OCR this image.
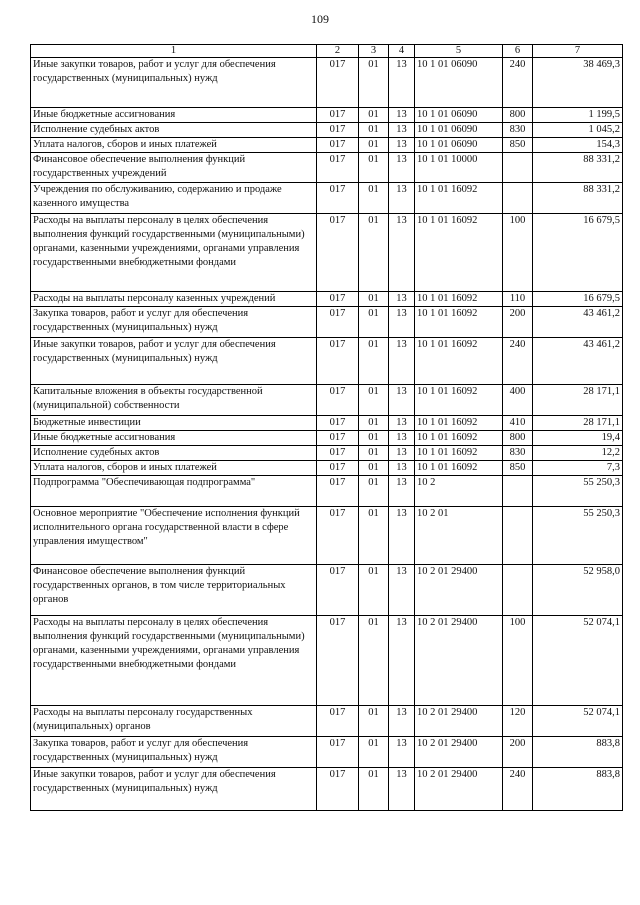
109
1	2	3	4	5	6	7
Иные закупки товаров, работ и услуг для обеспечения государственных (муниципальных) нужд	017	01	13	10 1 01 06090	240	38 469,3
Иные бюджетные ассигнования	017	01	13	10 1 01 06090	800	1 199,5
Исполнение судебных актов	017	01	13	10 1 01 06090	830	1 045,2
Уплата налогов, сборов и иных платежей	017	01	13	10 1 01 06090	850	154,3
Финансовое обеспечение выполнения функций государственных учреждений	017	01	13	10 1 01 10000		88 331,2
Учреждения по обслуживанию, содержанию и продаже казенного имущества	017	01	13	10 1 01 16092		88 331,2
Расходы на выплаты персоналу в целях обеспечения выполнения функций государственными (муниципальными) органами, казенными учреждениями, органами управления государственными внебюджетными фондами	017	01	13	10 1 01 16092	100	16 679,5
Расходы на выплаты персоналу казенных учреждений	017	01	13	10 1 01 16092	110	16 679,5
Закупка товаров, работ и услуг для обеспечения государственных (муниципальных) нужд	017	01	13	10 1 01 16092	200	43 461,2
Иные закупки товаров, работ и услуг для обеспечения государственных (муниципальных) нужд	017	01	13	10 1 01 16092	240	43 461,2
Капитальные вложения в объекты государственной (муниципальной) собственности	017	01	13	10 1 01 16092	400	28 171,1
Бюджетные инвестиции	017	01	13	10 1 01 16092	410	28 171,1
Иные бюджетные ассигнования	017	01	13	10 1 01 16092	800	19,4
Исполнение судебных актов	017	01	13	10 1 01 16092	830	12,2
Уплата налогов, сборов и иных платежей	017	01	13	10 1 01 16092	850	7,3
Подпрограмма "Обеспечивающая подпрограмма"	017	01	13	10 2		55 250,3
Основное мероприятие "Обеспечение исполнения функций исполнительного органа государственной власти в сфере управления имуществом"	017	01	13	10 2 01		55 250,3
Финансовое обеспечение выполнения функций государственных органов, в том числе территориальных органов	017	01	13	10 2 01 29400		52 958,0
Расходы на выплаты персоналу в целях обеспечения выполнения функций государственными (муниципальными) органами, казенными учреждениями, органами управления государственными внебюджетными фондами	017	01	13	10 2 01 29400	100	52 074,1
Расходы на выплаты персоналу государственных (муниципальных) органов	017	01	13	10 2 01 29400	120	52 074,1
Закупка товаров, работ и услуг для обеспечения государственных (муниципальных) нужд	017	01	13	10 2 01 29400	200	883,8
Иные закупки товаров, работ и услуг для обеспечения государственных (муниципальных) нужд	017	01	13	10 2 01 29400	240	883,8
